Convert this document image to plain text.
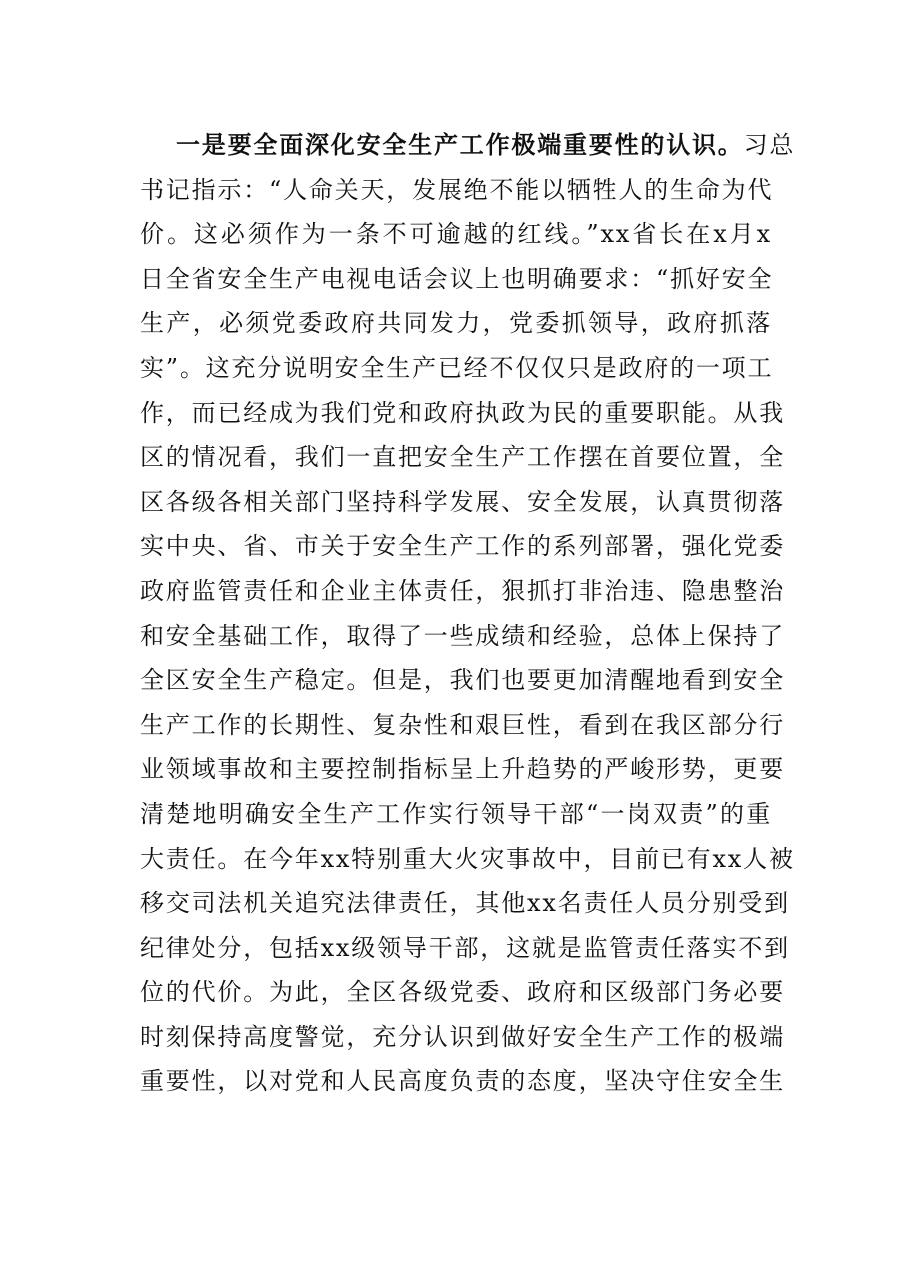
一是要全面深化安全生产工作极端重要性的认识。习总
书记指示：“人命关天，发展绝不能以牺牲人的生命为代
价。这必须作为一条不可逾越的红线。”xx省长在x月x
日全省安全生产电视电话会议上也明确要求：“抓好安全
生产，必须党委政府共同发力，党委抓领导，政府抓落
实”。这充分说明安全生产已经不仅仅只是政府的一项工
作，而已经成为我们党和政府执政为民的重要职能。从我
区的情况看，我们一直把安全生产工作摆在首要位置，全
区各级各相关部门坚持科学发展、安全发展，认真贯彻落
实中央、省、市关于安全生产工作的系列部署，强化党委
政府监管责任和企业主体责任，狠抓打非治违、隐患整治
和安全基础工作，取得了一些成绩和经验，总体上保持了
全区安全生产稳定。但是，我们也要更加清醒地看到安全
生产工作的长期性、复杂性和艰巨性，看到在我区部分行
业领域事故和主要控制指标呈上升趋势的严峻形势，更要
清楚地明确安全生产工作实行领导干部“一岗双责”的重
大责任。在今年xx特别重大火灾事故中，目前已有xx人被
移交司法机关追究法律责任，其他xx名责任人员分别受到
纪律处分，包括xx级领导干部，这就是监管责任落实不到
位的代价。为此，全区各级党委、政府和区级部门务必要
时刻保持高度警觉，充分认识到做好安全生产工作的极端
重要性，以对党和人民高度负责的态度，坚决守住安全生
